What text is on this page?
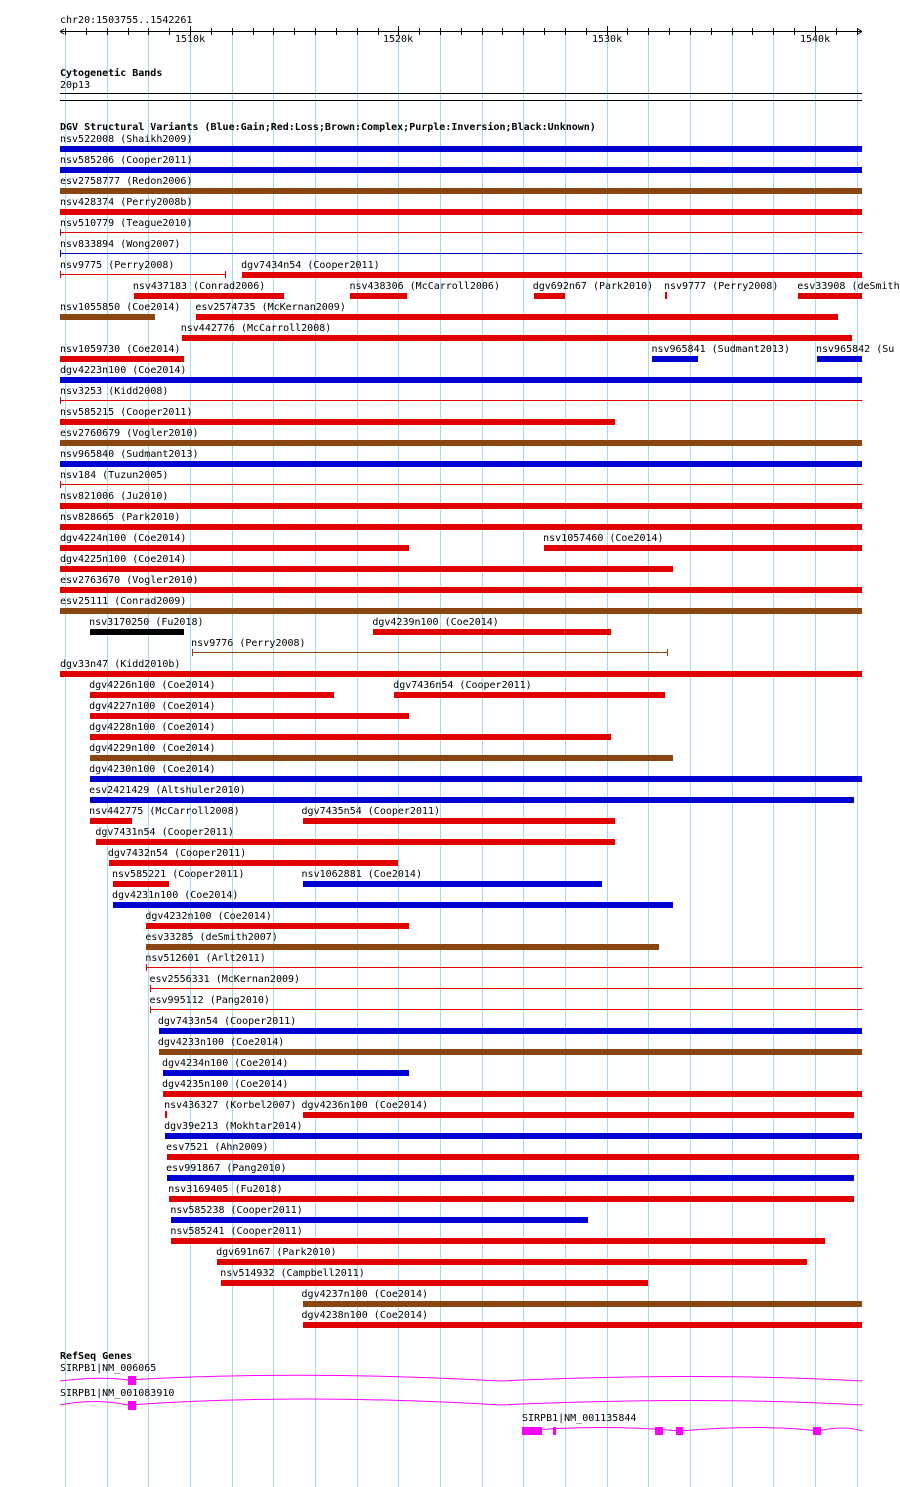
chr20:1503755..1542261
1510k	1520k	1530k	1540k
Cytogenetic Bands
20p13
DGV Structural Variants (Blue:Gain;Red:Loss;Brown:Complex;Purple:Inversion;Black:Unknown)
nsv522008 (Shaikh2009)
nsv585206 (Cooper2011)
esv2758777 (Redon2006)
nsv428374 (Perry2008b)
nsv510779 (Teague2010)
nsv833894 (Wong2007)
nsv9775 (Perry2008)	dgv7434n54 (Cooper2011)
nsv437183 (Conrad2006)	nsv438306 (McCarroll2006)	dgv692n67 (Park2010) nsv9777 (Perry2008)
nsv1055850 (Coe2014)
nsv442776 (McCarroll2008)
nsv1059730 (Coe2014)
esv2574735 (McKernan2009)
dgv4223n100 (Coe2014)
nsv3253 (Kidd2008)
nsv585215 (Cooper2011)
nsv965841 (Sudmant2013)
esv33908 (deSmith
esv2760679 (Vogler2010)
nsv965840 (Sudmant2013)
nsv184 (Tuzun2005)
nsv821006 (Ju2010)
nsv828665 (Park2010)
dgv4224n100 (Coe2014)	nsv1057460 (Coe2014)
dgv4225n100 (Coe2014)
nsv965842 (Su
esv2763670 (Vogler2010)
esv25111 (Conrad2009)
nsv3170250 (Fu2018)
nsv9776 (Perry2008)
dgv33n47 (Kidd2010b)
dgv4226n100 (Coe2014)
dgv4239n100 (Coe2014)
dgv4227n100 (Coe2014)
dgv4228n100 (Coe2014)
dgv4229n100 (Coe2014)
dgv4230n100 (Coe2014)
esv2421429 (Altshuler2010)
nsv442775 (McCarroll2008)	dgv7435n54 (Cooper2011)
dgv7431n54 (Cooper2011)
dgv7432n54 (Cooper2011)
nsv585221 (Cooper2011)	nsv1062881 (Coe2014)
dgv4231n100 (Coe2014)
dgv4232n100 (Coe2014)
esv33285 (deSmith2007)
nsv512601 (Arlt2011)
esv2556331 (McKernan2009)
esv995112 (Pang2010)
dgv7433n54 (Cooper2011)
dgv4233n100 (Coe2014)
dgv4234n100 (Coe2014)
dgv4235n100 (Coe2014)
nsv436327 (Korbel2007)
dgv39e213 (Mokhtar2014)
esv7521 (Ahn2009)
esv991867 (Pang2010)
nsv3169405 (Fu2018)
nsv585238 (Cooper2011)
nsv585241 (Cooper2011)
dgv691n67 (Park2010)
nsv514932 (Campbell2011)
dgv4236n100 (Coe2014)
dgv4237n100 (Coe2014)
dgv4238n100 (Coe2014)
dgv7436n54 (Cooper2011)
RefSeq Genes
SIRPB1|NM_006065
SIRPB1|NM_001083910
SIRPB1|NM_001135844
